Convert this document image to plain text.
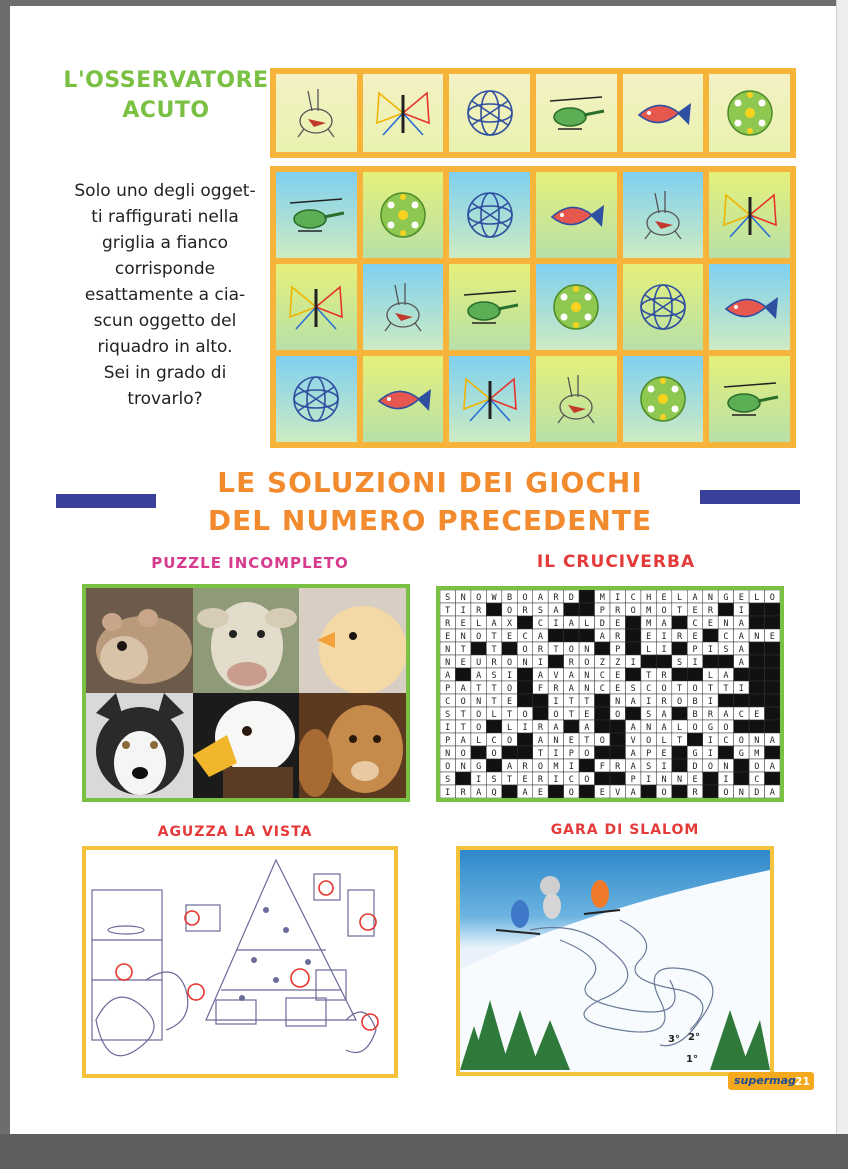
L'OSSERVATORE
ACUTO
Solo uno degli ogget-
ti raffigurati nella
griglia a fianco
corrisponde
esattamente a cia-
scun oggetto del
riquadro in alto.
Sei in grado di
trovarlo?
LE SOLUZIONI DEI GIOCHI
DEL NUMERO PRECEDENTE
PUZZLE INCOMPLETO	IL CRUCIVERBA
S N O W B O A R D	M I C H E L A N G E L O
T I R	O R S A	P R O M O T E R	I
R E L A X	C I A L D E	M A	C E N A
E N O T E C A	A R	E I R E	C A N E
N T	T	O R T O N	P	L I	P I S A
N E U R O N I	R O Z Z I	S I	A
A	A S I	A V A N C E	T R	L A
P A T T O	F R A N C E S C O T O T T I
C O N T E	I T T	N A I R O B I
S T O L T O	O T E	O	S A	B R A C E
I T O	L I R A	A	A N A L O G O
P A L C O	A N E T O	V O L T	I C O N A
N O	O	T I P O	A P E	G I	G M
O N G	A R O M I	F R A S I	D O N	O A
S	I S T E R I C O	P I N N E	I	C
I R A Q	A E	O	E V A	O	R	O N D A
AGUZZA LA VISTA	GARA DI SLALOM
3° 2°
1°
supermag
21
